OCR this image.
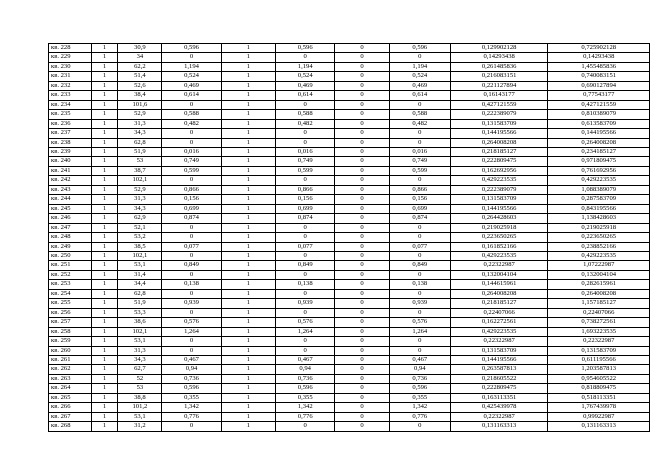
кв. 228	1	30,9	0,596	1	0,596	0	0,596	0,129902128	0,725902128
кв. 229	1	34	0	1	0	0	0	0,14293438	0,14293438
кв. 230	1	62,2	1,194	1	1,194	0	1,194	0,261485836	1,455485836
кв. 231	1	51,4	0,524	1	0,524	0	0,524	0,216083151	0,740083151
кв. 232	1	52,6	0,469	1	0,469	0	0,469	0,221127894	0,690127894
кв. 233	1	38,4	0,614	1	0,614	0	0,614	0,16143177	0,77543177
кв. 234	1	101,6	0	1	0	0	0	0,427121559	0,427121559
кв. 235	1	52,9	0,588	1	0,588	0	0,588	0,222389079	0,810389079
кв. 236	1	31,3	0,482	1	0,482	0	0,482	0,131583709	0,613583709
кв. 237	1	34,3	0	1	0	0	0	0,144195566	0,144195566
кв. 238	1	62,8	0	1	0	0	0	0,264008208	0,264008208
кв. 239	1	51,9	0,016	1	0,016	0	0,016	0,218185127	0,234185127
кв. 240	1	53	0,749	1	0,749	0	0,749	0,222809475	0,971809475
кв. 241	1	38,7	0,599	1	0,599	0	0,599	0,162692956	0,761692956
кв. 242	1	102,1	0	1	0	0	0	0,429223535	0,429223535
кв. 243	1	52,9	0,866	1	0,866	0	0,866	0,222389079	1,088389079
кв. 244	1	31,3	0,156	1	0,156	0	0,156	0,131583709	0,287583709
кв. 245	1	34,3	0,699	1	0,699	0	0,699	0,144195566	0,843195566
кв. 246	1	62,9	0,874	1	0,874	0	0,874	0,264428603	1,138428603
кв. 247	1	52,1	0	1	0	0	0	0,219025918	0,219025918
кв. 248	1	53,2	0	1	0	0	0	0,223650265	0,223650265
кв. 249	1	38,5	0,077	1	0,077	0	0,077	0,161852166	0,238852166
кв. 250	1	102,1	0	1	0	0	0	0,429223535	0,429223535
кв. 251	1	53,1	0,849	1	0,849	0	0,849	0,22322987	1,07222987
кв. 252	1	31,4	0	1	0	0	0	0,132004104	0,132004104
кв. 253	1	34,4	0,138	1	0,138	0	0,138	0,144615961	0,282615961
кв. 254	1	62,8	0	1	0	0	0	0,264008208	0,264008208
кв. 255	1	51,9	0,939	1	0,939	0	0,939	0,218185127	1,157185127
кв. 256	1	53,3	0	1	0	0	0	0,22407066	0,22407066
кв. 257	1	38,6	0,576	1	0,576	0	0,576	0,162272561	0,738272561
кв. 258	1	102,1	1,264	1	1,264	0	1,264	0,429223535	1,693223535
кв. 259	1	53,1	0	1	0	0	0	0,22322987	0,22322987
кв. 260	1	31,3	0	1	0	0	0	0,131583709	0,131583709
кв. 261	1	34,3	0,467	1	0,467	0	0,467	0,144195566	0,611195566
кв. 262	1	62,7	0,94	1	0,94	0	0,94	0,263587813	1,203587813
кв. 263	1	52	0,736	1	0,736	0	0,736	0,218605522	0,954605522
кв. 264	1	53	0,596	1	0,596	0	0,596	0,222809475	0,818809475
кв. 265	1	38,8	0,355	1	0,355	0	0,355	0,163113351	0,518113351
кв. 266	1	101,2	1,342	1	1,342	0	1,342	0,425439978	1,767439978
кв. 267	1	53,1	0,776	1	0,776	0	0,776	0,22322987	0,99922987
кв. 268	1	31,2	0	1	0	0	0	0,131163313	0,131163313
